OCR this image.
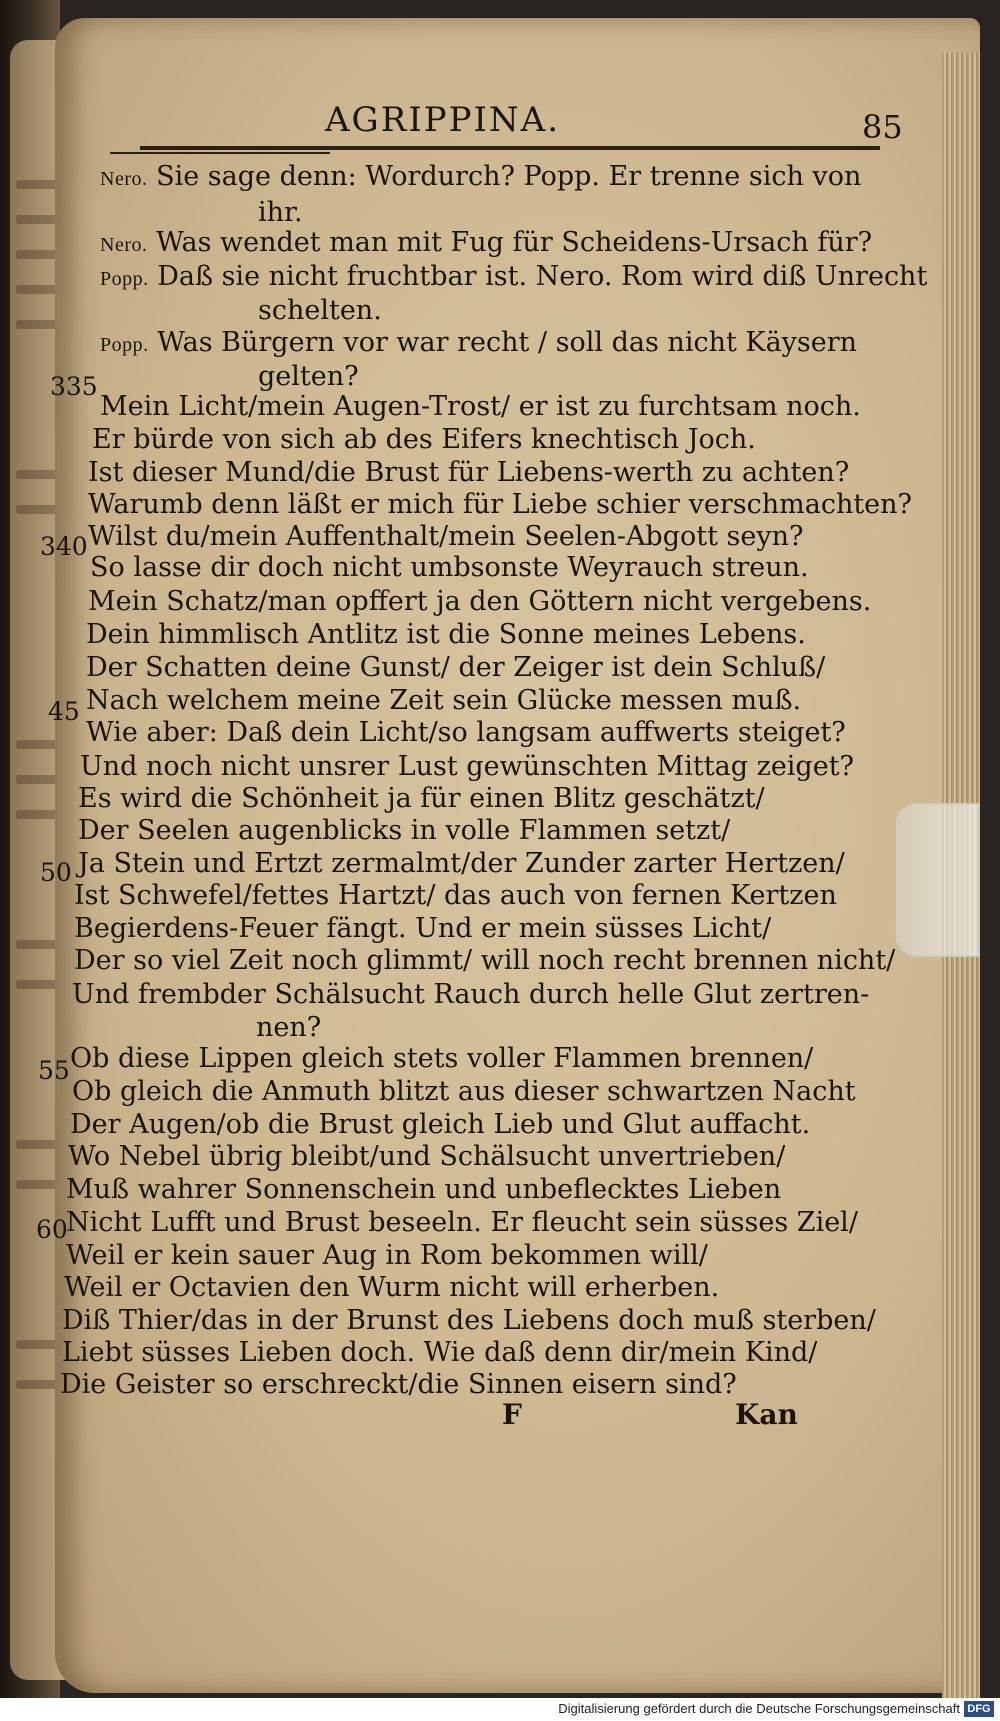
AGRIPPINA.	85
Nero. Sie sage denn: Wordurch? Popp. Er trenne sich von
ihr.
Nero. Was wendet man mit Fug für Scheidens-Ursach für?
Popp. Daß sie nicht fruchtbar ist. Nero. Rom wird diß Unrecht
schelten.
Popp. Was Bürgern vor war recht / soll das nicht Käysern
gelten?
Mein Licht/mein Augen-Trost/ er ist zu furchtsam noch.
Er bürde von sich ab des Eifers knechtisch Joch.
Ist dieser Mund/die Brust für Liebens-werth zu achten?
Warumb denn läßt er mich für Liebe schier verschmachten?
Wilst du/mein Auffenthalt/mein Seelen-Abgott seyn?
So lasse dir doch nicht umbsonste Weyrauch streun.
Mein Schatz/man opffert ja den Göttern nicht vergebens.
Dein himmlisch Antlitz ist die Sonne meines Lebens.
Der Schatten deine Gunst/ der Zeiger ist dein Schluß/
Nach welchem meine Zeit sein Glücke messen muß.
Wie aber: Daß dein Licht/so langsam auffwerts steiget?
Und noch nicht unsrer Lust gewünschten Mittag zeiget?
Es wird die Schönheit ja für einen Blitz geschätzt/
Der Seelen augenblicks in volle Flammen setzt/
Ja Stein und Ertzt zermalmt/der Zunder zarter Hertzen/
Ist Schwefel/fettes Hartzt/ das auch von fernen Kertzen
Begierdens-Feuer fängt. Und er mein süsses Licht/
Der so viel Zeit noch glimmt/ will noch recht brennen nicht/
Und frembder Schälsucht Rauch durch helle Glut zertren-
nen?
Ob diese Lippen gleich stets voller Flammen brennen/
Ob gleich die Anmuth blitzt aus dieser schwartzen Nacht
Der Augen/ob die Brust gleich Lieb und Glut auffacht.
Wo Nebel übrig bleibt/und Schälsucht unvertrieben/
Muß wahrer Sonnenschein und unbeflecktes Lieben
Nicht Lufft und Brust beseeln. Er fleucht sein süsses Ziel/
Weil er kein sauer Aug in Rom bekommen will/
Weil er Octavien den Wurm nicht will erherben.
Diß Thier/das in der Brunst des Liebens doch muß sterben/
Liebt süsses Lieben doch. Wie daß denn dir/mein Kind/
Die Geister so erschreckt/die Sinnen eisern sind?
335
340
45
50
55
60
F	Kan
Digitalisierung gefördert durch die Deutsche Forschungsgemeinschaft DFG
